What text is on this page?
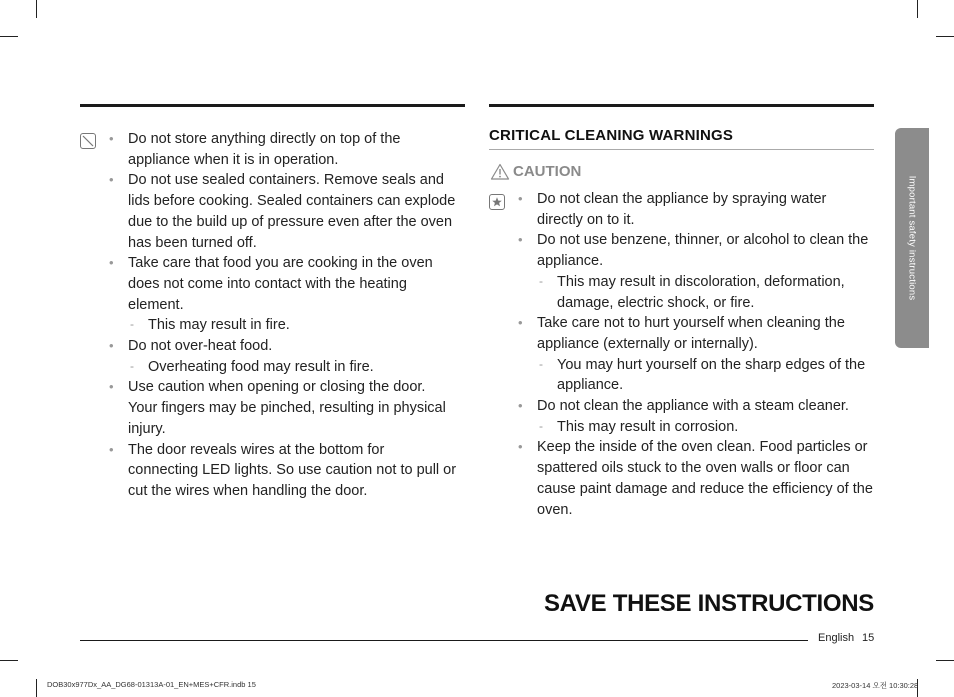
• Do not store anything directly on top of the appliance when it is in operation.
• Do not use sealed containers. Remove seals and lids before cooking. Sealed containers can explode due to the build up of pressure even after the oven has been turned off.
• Take care that food you are cooking in the oven does not come into contact with the heating element.
- This may result in fire.
• Do not over-heat food.
- Overheating food may result in fire.
• Use caution when opening or closing the door. Your fingers may be pinched, resulting in physical injury.
• The door reveals wires at the bottom for connecting LED lights. So use caution not to pull or cut the wires when handling the door.
CRITICAL CLEANING WARNINGS
CAUTION
• Do not clean the appliance by spraying water directly on to it.
• Do not use benzene, thinner, or alcohol to clean the appliance.
- This may result in discoloration, deformation, damage, electric shock, or fire.
• Take care not to hurt yourself when cleaning the appliance (externally or internally).
- You may hurt yourself on the sharp edges of the appliance.
• Do not clean the appliance with a steam cleaner.
- This may result in corrosion.
• Keep the inside of the oven clean. Food particles or spattered oils stuck to the oven walls or floor can cause paint damage and reduce the efficiency of the oven.
Important safety instructions
SAVE THESE INSTRUCTIONS
English 15
DOB30x977Dx_AA_DG68-01313A-01_EN+MES+CFR.indb 15	2023-03-14 오전 10:30:28
